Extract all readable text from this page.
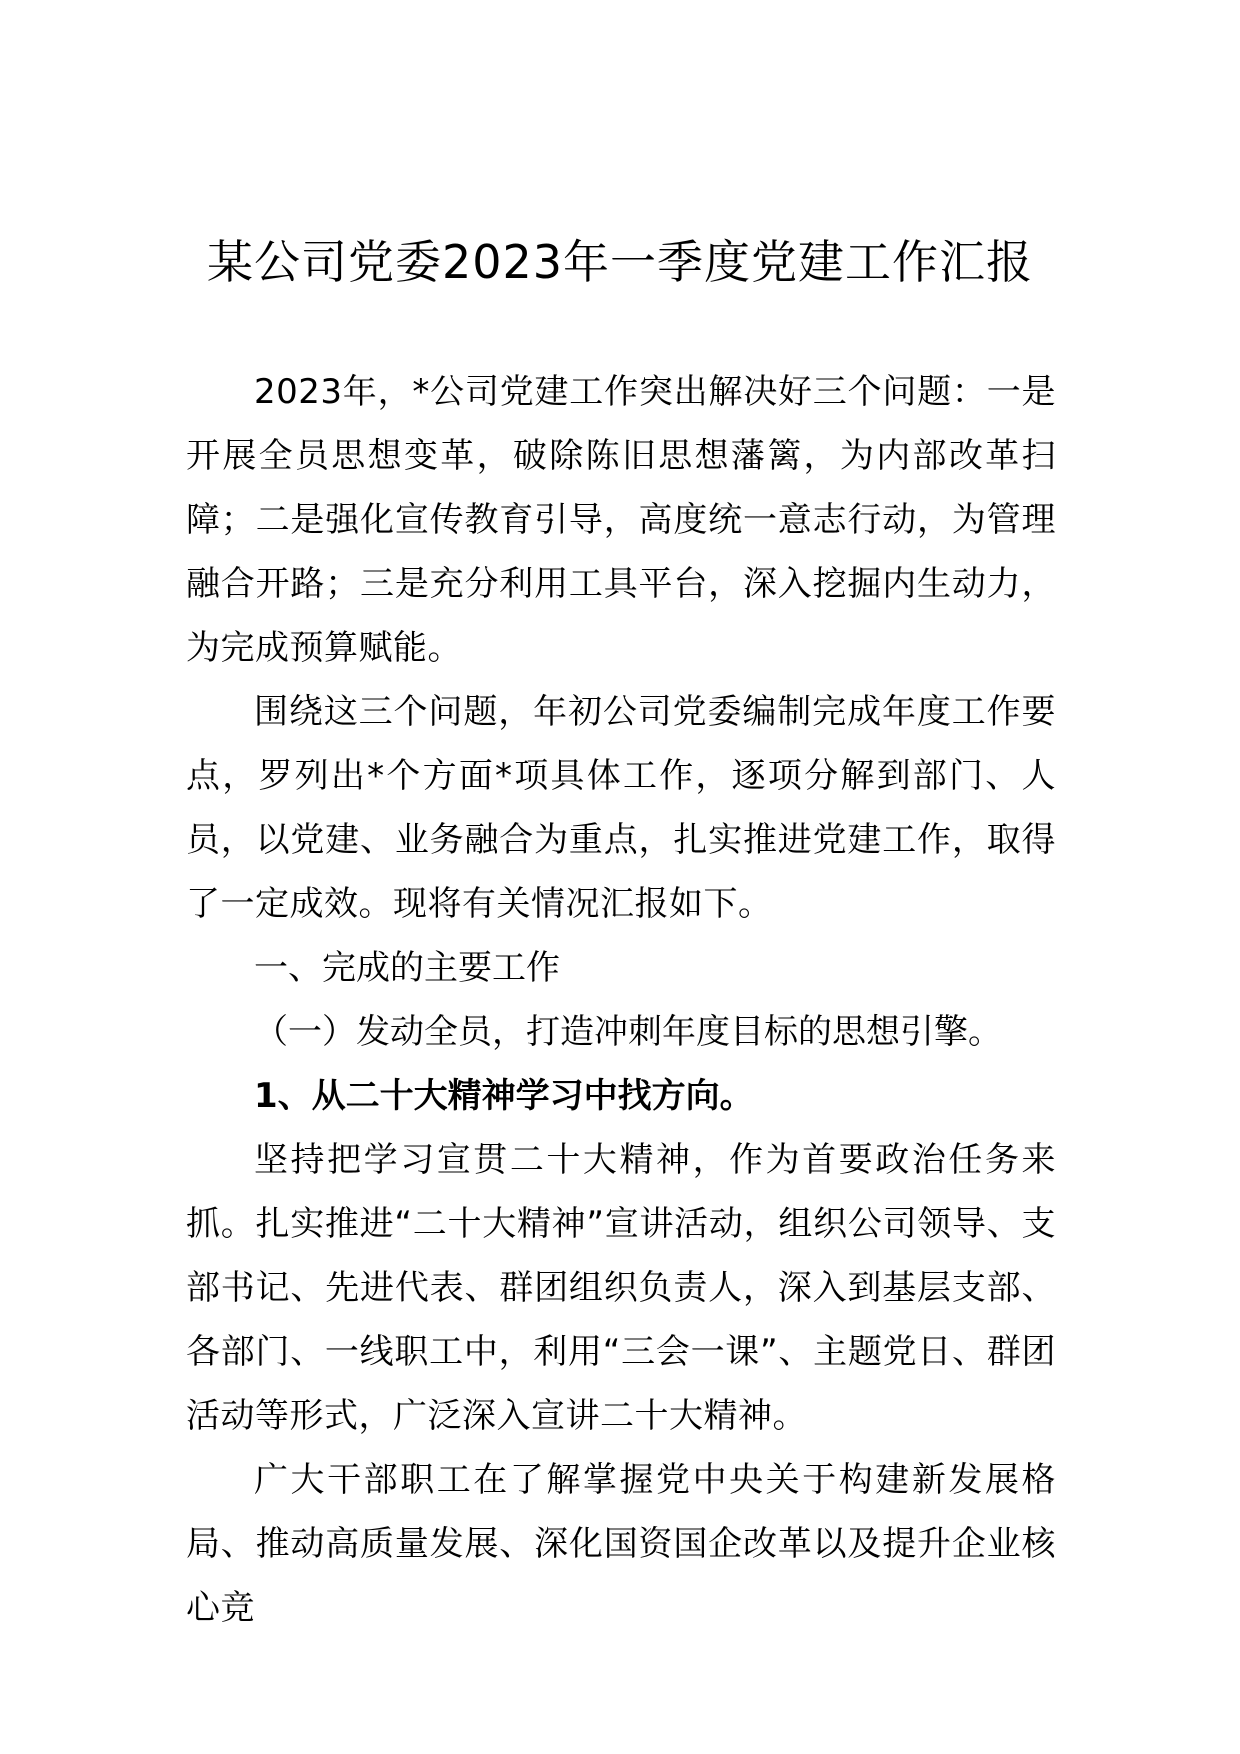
某公司党委2023年一季度党建工作汇报

2023年，*公司党建工作突出解决好三个问题：一是开展全员思想变革，破除陈旧思想藩篱，为内部改革扫障；二是强化宣传教育引导，高度统一意志行动，为管理融合开路；三是充分利用工具平台，深入挖掘内生动力，为完成预算赋能。

围绕这三个问题，年初公司党委编制完成年度工作要点，罗列出*个方面*项具体工作，逐项分解到部门、人员，以党建、业务融合为重点，扎实推进党建工作，取得了一定成效。现将有关情况汇报如下。

一、完成的主要工作

（一）发动全员，打造冲刺年度目标的思想引擎。

1、从二十大精神学习中找方向。

坚持把学习宣贯二十大精神，作为首要政治任务来抓。扎实推进“二十大精神”宣讲活动，组织公司领导、支部书记、先进代表、群团组织负责人，深入到基层支部、各部门、一线职工中，利用“三会一课”、主题党日、群团活动等形式，广泛深入宣讲二十大精神。

广大干部职工在了解掌握党中央关于构建新发展格局、推动高质量发展、深化国资国企改革以及提升企业核心竞
